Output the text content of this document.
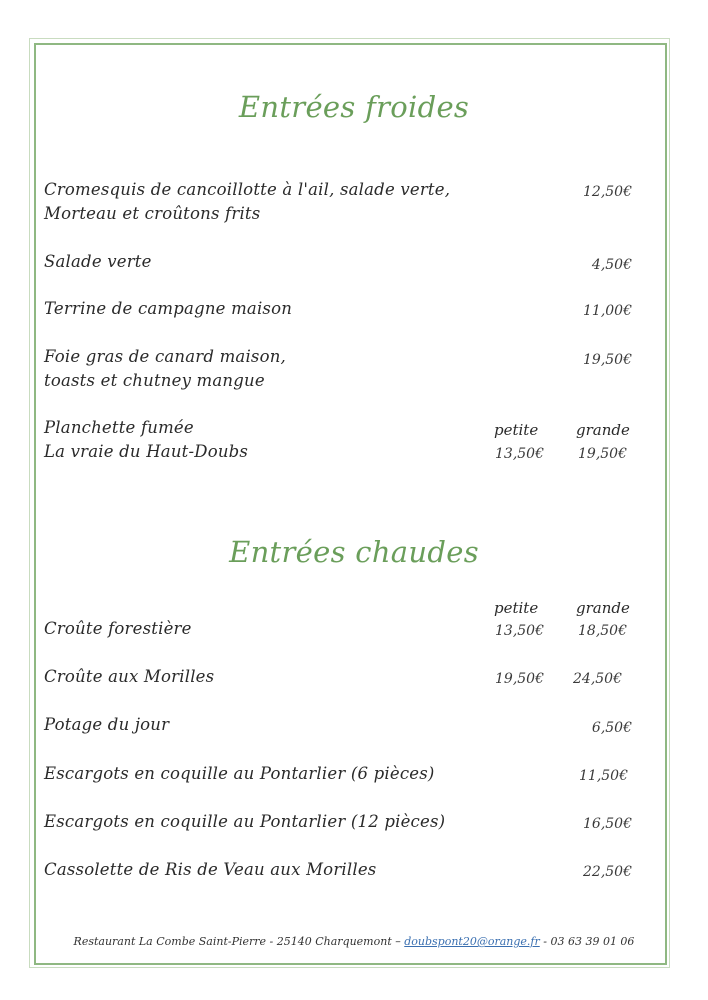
Entrées froides
Cromesquis de cancoillotte à l'ail, salade verte,
Morteau et croûtons frits
12,50€
Salade verte	4,50€
Terrine de campagne maison	11,00€
Foie gras de canard maison,
toasts et chutney mangue
19,50€
Planchette fumée
La vraie du Haut-Doubs
petite	grande
13,50€ 19,50€
Entrées chaudes
petite	grande
Croûte forestière	13,50€ 18,50€
Croûte aux Morilles	19,50€ 24,50€
Potage du jour	6,50€
Escargots en coquille au Pontarlier (6 pièces)	11,50€
Escargots en coquille au Pontarlier (12 pièces)	16,50€
Cassolette de Ris de Veau aux Morilles	22,50€
Restaurant La Combe Saint-Pierre - 25140 Charquemont – doubspont20@orange.fr - 03 63 39 01 06
